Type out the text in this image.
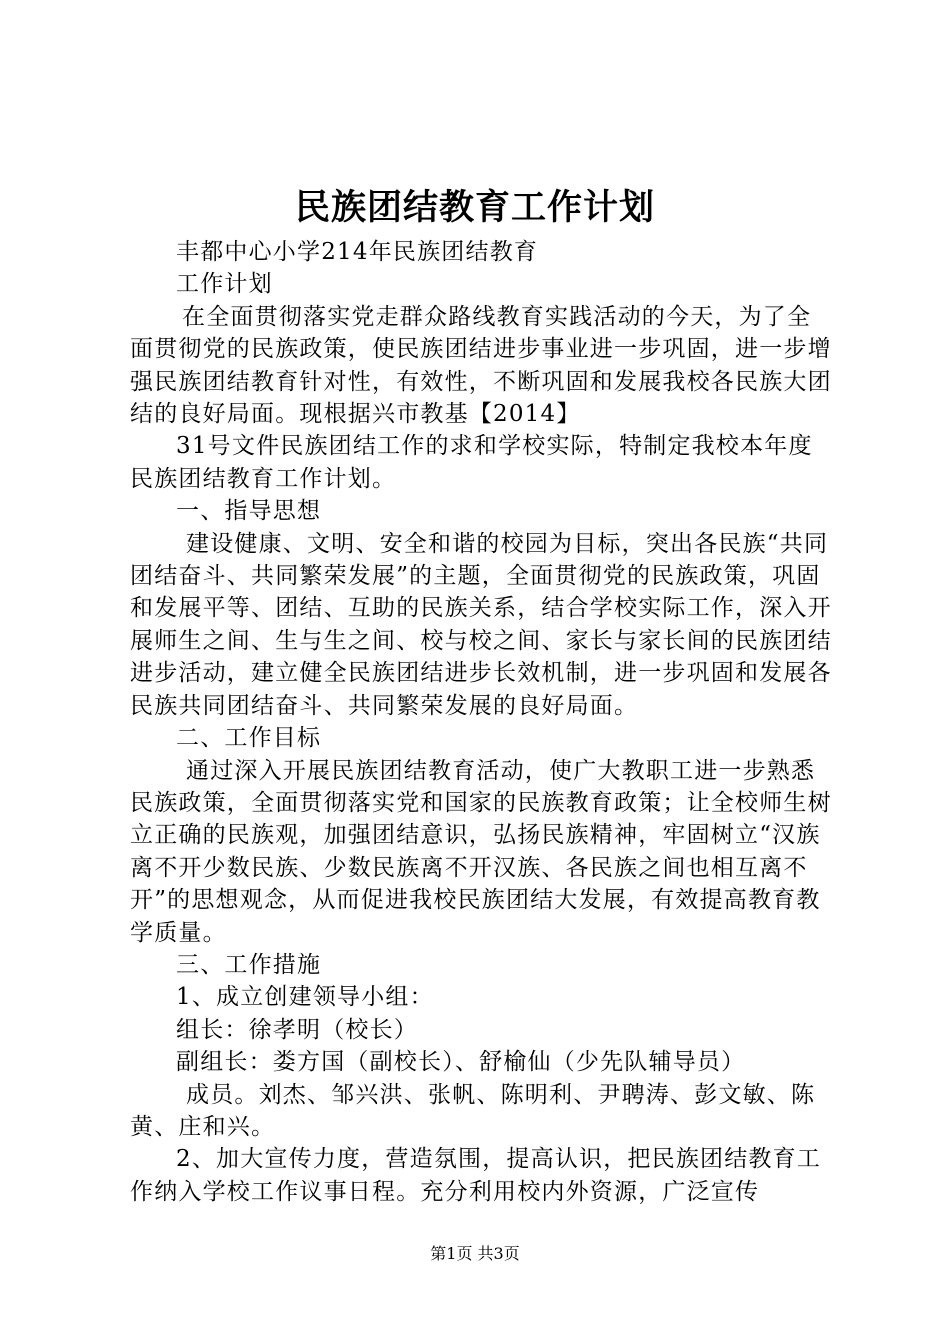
民族团结教育工作计划

丰都中心小学214年民族团结教育

工作计划

在全面贯彻落实党走群众路线教育实践活动的今天，为了全面贯彻党的民族政策，使民族团结进步事业进一步巩固，进一步增强民族团结教育针对性，有效性，不断巩固和发展我校各民族大团结的良好局面。现根据兴市教基【2014】

31号文件民族团结工作的求和学校实际，特制定我校本年度民族团结教育工作计划。

一、指导思想

建设健康、文明、安全和谐的校园为目标，突出各民族“共同团结奋斗、共同繁荣发展”的主题，全面贯彻党的民族政策，巩固和发展平等、团结、互助的民族关系，结合学校实际工作，深入开展师生之间、生与生之间、校与校之间、家长与家长间的民族团结进步活动，建立健全民族团结进步长效机制，进一步巩固和发展各民族共同团结奋斗、共同繁荣发展的良好局面。

二、工作目标

通过深入开展民族团结教育活动，使广大教职工进一步熟悉民族政策，全面贯彻落实党和国家的民族教育政策；让全校师生树立正确的民族观，加强团结意识，弘扬民族精神，牢固树立“汉族离不开少数民族、少数民族离不开汉族、各民族之间也相互离不开”的思想观念，从而促进我校民族团结大发展，有效提高教育教学质量。

三、工作措施

1、成立创建领导小组：

组长：徐孝明（校长）

副组长：娄方国（副校长）、舒榆仙（少先队辅导员）

成员。刘杰、邹兴洪、张帆、陈明利、尹聘涛、彭文敏、陈黄、庄和兴。

2、加大宣传力度，营造氛围，提高认识，把民族团结教育工作纳入学校工作议事日程。充分利用校内外资源，广泛宣传

第1页 共3页
